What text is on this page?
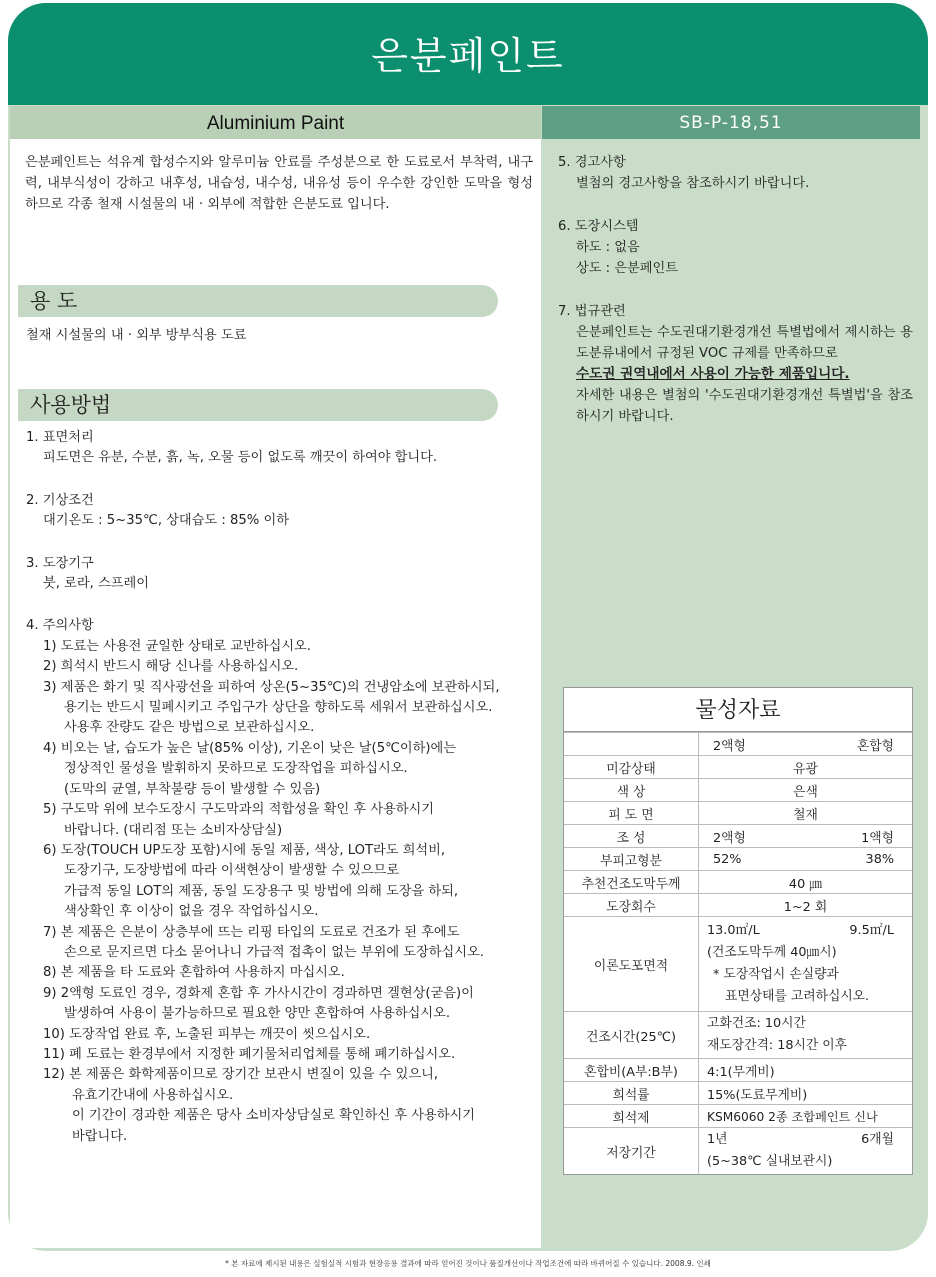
은분페인트
Aluminium Paint	SB-P-18,51
은분페인트는 석유계 합성수지와 알루미늄 안료를 주성분으로 한 도료로서 부착력, 내구력, 내부식성이 강하고 내후성, 내습성, 내수성, 내유성 등이 우수한 강인한 도막을 형성하므로 각종 철재 시설물의 내 · 외부에 적합한 은분도료 입니다.
용 도
철재 시설물의 내 · 외부 방부식용 도료
사용방법
1. 표면처리
피도면은 유분, 수분, 흙, 녹, 오물 등이 없도록 깨끗이 하여야 합니다.
2. 기상조건
대기온도 : 5~35℃, 상대습도 : 85% 이하
3. 도장기구
붓, 로라, 스프레이
4. 주의사항
1) 도료는 사용전 균일한 상태로 교반하십시오.
2) 희석시 반드시 해당 신나를 사용하십시오.
3) 제품은 화기 및 직사광선을 피하여 상온(5~35℃)의 건냉암소에 보관하시되,
용기는 반드시 밀폐시키고 주입구가 상단을 향하도록 세워서 보관하십시오.
사용후 잔량도 같은 방법으로 보관하십시오.
4) 비오는 날, 습도가 높은 날(85% 이상), 기온이 낮은 날(5℃이하)에는
정상적인 물성을 발휘하지 못하므로 도장작업을 피하십시오.
(도막의 균열, 부착불량 등이 발생할 수 있음)
5) 구도막 위에 보수도장시 구도막과의 적합성을 확인 후 사용하시기
바랍니다. (대리점 또는 소비자상담실)
6) 도장(TOUCH UP도장 포함)시에 동일 제품, 색상, LOT라도 희석비,
도장기구, 도장방법에 따라 이색현상이 발생할 수 있으므로
가급적 동일 LOT의 제품, 동일 도장용구 및 방법에 의해 도장을 하되,
색상확인 후 이상이 없을 경우 작업하십시오.
7) 본 제품은 은분이 상층부에 뜨는 리핑 타입의 도료로 건조가 된 후에도
손으로 문지르면 다소 묻어나니 가급적 접촉이 없는 부위에 도장하십시오.
8) 본 제품을 타 도료와 혼합하여 사용하지 마십시오.
9) 2액형 도료인 경우, 경화제 혼합 후 가사시간이 경과하면 겔현상(굳음)이
발생하여 사용이 불가능하므로 필요한 양만 혼합하여 사용하십시오.
10) 도장작업 완료 후, 노출된 피부는 깨끗이 씻으십시오.
11) 폐 도료는 환경부에서 지정한 폐기물처리업체를 통해 폐기하십시오.
12) 본 제품은 화학제품이므로 장기간 보관시 변질이 있을 수 있으니,
유효기간내에 사용하십시오.
이 기간이 경과한 제품은 당사 소비자상담실로 확인하신 후 사용하시기
바랍니다.
5. 경고사항
별첨의 경고사항을 참조하시기 바랍니다.
6. 도장시스템
하도 : 없음
상도 : 은분페인트
7. 법규관련
은분페인트는 수도권대기환경개선 특별법에서 제시하는 용도분류내에서 규정된 VOC 규제를 만족하므로
수도권 권역내에서 사용이 가능한 제품입니다.
자세한 내용은 별첨의 '수도권대기환경개선 특별법'을 참조하시기 바랍니다.
물성자료

	2액형 혼합형

미감상태	유광
색 상	은색
피 도 면	철재
조 성	2액형 1액형

부피고형분	52% 38%

추천건조도막두께	40 ㎛
도장회수	1~2 회
이론도포면적	13.0㎡/L 9.5㎡/L
(건조도막두께 40㎛시)
* 도장작업시 손실량과
표면상태를 고려하십시오.

건조시간(25℃)	고화건조: 10시간
재도장간격: 18시간 이후

혼합비(A부:B부)	4:1(무게비)
희석률	15%(도료무게비)
희석제	KSM6060 2종 조합페인트 신나
저장기간	1년 6개월
(5~38℃ 실내보관시)
* 본 자료에 제시된 내용은 실험실적 시험과 현장응용 결과에 따라 얻어진 것이나 품질개선이나 작업조건에 따라 바뀌어질 수 있습니다. 2008.9. 인쇄
